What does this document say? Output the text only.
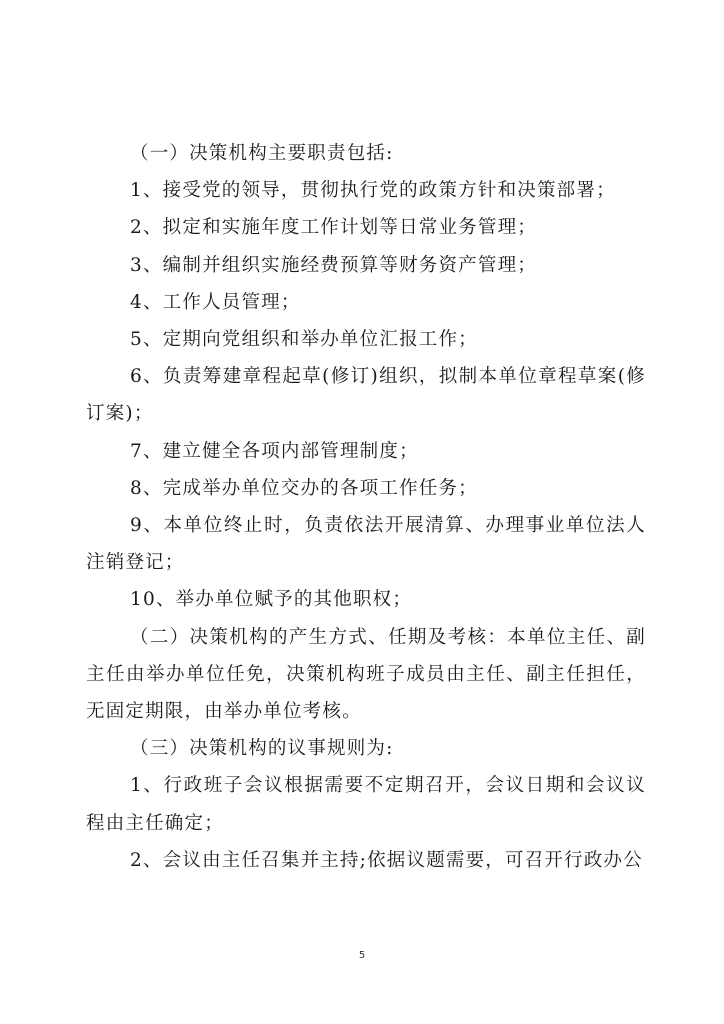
（一）决策机构主要职责包括:

1、接受党的领导，贯彻执行党的政策方针和决策部署；

2、拟定和实施年度工作计划等日常业务管理；

3、编制并组织实施经费预算等财务资产管理；

4、工作人员管理；

5、定期向党组织和举办单位汇报工作；

6、负责筹建章程起草(修订)组织，拟制本单位章程草案(修订案)；

7、建立健全各项内部管理制度；

8、完成举办单位交办的各项工作任务；

9、本单位终止时，负责依法开展清算、办理事业单位法人注销登记；

10、举办单位赋予的其他职权；

（二）决策机构的产生方式、任期及考核：本单位主任、副主任由举办单位任免，决策机构班子成员由主任、副主任担任，无固定期限，由举办单位考核。

（三）决策机构的议事规则为:

1、行政班子会议根据需要不定期召开，会议日期和会议议程由主任确定；

2、会议由主任召集并主持;依据议题需要，可召开行政办公

5
